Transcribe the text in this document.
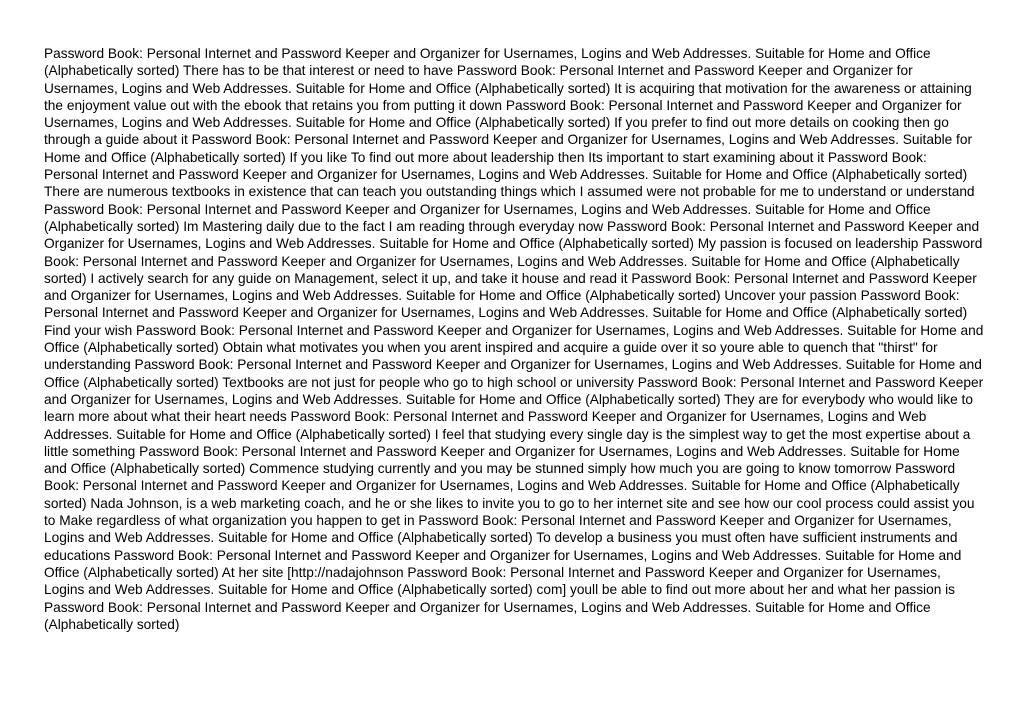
Password Book: Personal Internet and Password Keeper and Organizer for Usernames, Logins and Web Addresses. Suitable for Home and Office (Alphabetically sorted) There has to be that interest or need to have Password Book: Personal Internet and Password Keeper and Organizer for Usernames, Logins and Web Addresses. Suitable for Home and Office (Alphabetically sorted) It is acquiring that motivation for the awareness or attaining the enjoyment value out with the ebook that retains you from putting it down Password Book: Personal Internet and Password Keeper and Organizer for Usernames, Logins and Web Addresses. Suitable for Home and Office (Alphabetically sorted) If you prefer to find out more details on cooking then go through a guide about it Password Book: Personal Internet and Password Keeper and Organizer for Usernames, Logins and Web Addresses. Suitable for Home and Office (Alphabetically sorted) If you like To find out more about leadership then Its important to start examining about it Password Book: Personal Internet and Password Keeper and Organizer for Usernames, Logins and Web Addresses. Suitable for Home and Office (Alphabetically sorted) There are numerous textbooks in existence that can teach you outstanding things which I assumed were not probable for me to understand or understand Password Book: Personal Internet and Password Keeper and Organizer for Usernames, Logins and Web Addresses. Suitable for Home and Office (Alphabetically sorted) Im Mastering daily due to the fact I am reading through everyday now Password Book: Personal Internet and Password Keeper and Organizer for Usernames, Logins and Web Addresses. Suitable for Home and Office (Alphabetically sorted) My passion is focused on leadership Password Book: Personal Internet and Password Keeper and Organizer for Usernames, Logins and Web Addresses. Suitable for Home and Office (Alphabetically sorted) I actively search for any guide on Management, select it up, and take it house and read it Password Book: Personal Internet and Password Keeper and Organizer for Usernames, Logins and Web Addresses. Suitable for Home and Office (Alphabetically sorted) Uncover your passion Password Book: Personal Internet and Password Keeper and Organizer for Usernames, Logins and Web Addresses. Suitable for Home and Office (Alphabetically sorted) Find your wish Password Book: Personal Internet and Password Keeper and Organizer for Usernames, Logins and Web Addresses. Suitable for Home and Office (Alphabetically sorted) Obtain what motivates you when you arent inspired and acquire a guide over it so youre able to quench that "thirst" for understanding Password Book: Personal Internet and Password Keeper and Organizer for Usernames, Logins and Web Addresses. Suitable for Home and Office (Alphabetically sorted) Textbooks are not just for people who go to high school or university Password Book: Personal Internet and Password Keeper and Organizer for Usernames, Logins and Web Addresses. Suitable for Home and Office (Alphabetically sorted) They are for everybody who would like to learn more about what their heart needs Password Book: Personal Internet and Password Keeper and Organizer for Usernames, Logins and Web Addresses. Suitable for Home and Office (Alphabetically sorted) I feel that studying every single day is the simplest way to get the most expertise about a little something Password Book: Personal Internet and Password Keeper and Organizer for Usernames, Logins and Web Addresses. Suitable for Home and Office (Alphabetically sorted) Commence studying currently and you may be stunned simply how much you are going to know tomorrow Password Book: Personal Internet and Password Keeper and Organizer for Usernames, Logins and Web Addresses. Suitable for Home and Office (Alphabetically sorted) Nada Johnson, is a web marketing coach, and he or she likes to invite you to go to her internet site and see how our cool process could assist you to Make regardless of what organization you happen to get in Password Book: Personal Internet and Password Keeper and Organizer for Usernames, Logins and Web Addresses. Suitable for Home and Office (Alphabetically sorted) To develop a business you must often have sufficient instruments and educations Password Book: Personal Internet and Password Keeper and Organizer for Usernames, Logins and Web Addresses. Suitable for Home and Office (Alphabetically sorted) At her site [http://nadajohnson Password Book: Personal Internet and Password Keeper and Organizer for Usernames, Logins and Web Addresses. Suitable for Home and Office (Alphabetically sorted) com] youll be able to find out more about her and what her passion is Password Book: Personal Internet and Password Keeper and Organizer for Usernames, Logins and Web Addresses. Suitable for Home and Office (Alphabetically sorted)
